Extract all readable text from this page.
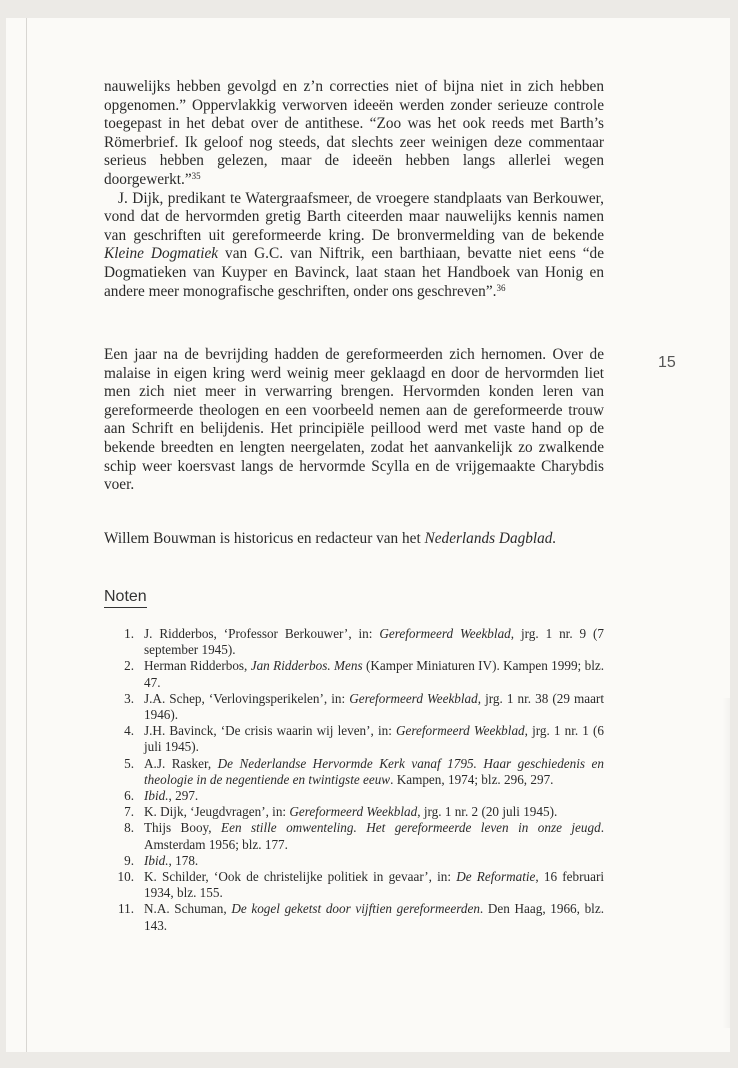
nauwelijks hebben gevolgd en z’n correcties niet of bijna niet in zich hebben opgenomen.” Oppervlakkig verworven ideeën werden zonder serieuze controle toegepast in het debat over de antithese. “Zoo was het ook reeds met Barth’s Römerbrief. Ik geloof nog steeds, dat slechts zeer weinigen deze commentaar serieus hebben gelezen, maar de ideeën hebben langs allerlei wegen doorgewerkt.”$^{35}$

J. Dijk, predikant te Watergraafsmeer, de vroegere standplaats van Berkouwer, vond dat de hervormden gretig Barth citeerden maar nauwelijks kennis namen van geschriften uit gereformeerde kring. De bronvermelding van de bekende Kleine Dogmatiek van G.C. van Niftrik, een barthiaan, bevatte niet eens “de Dogmatieken van Kuyper en Bavinck, laat staan het Handboek van Honig en andere meer monografische geschriften, onder ons geschreven”.$^{36}$

Een jaar na de bevrijding hadden de gereformeerden zich hernomen. Over de malaise in eigen kring werd weinig meer geklaagd en door de hervormden liet men zich niet meer in verwarring brengen. Hervormden konden leren van gereformeerde theologen en een voorbeeld nemen aan de gereformeerde trouw aan Schrift en belijdenis. Het principiële peillood werd met vaste hand op de bekende breedten en lengten neergelaten, zodat het aanvankelijk zo zwalkende schip weer koersvast langs de hervormde Scylla en de vrijgemaakte Charybdis voer.

Willem Bouwman is historicus en redacteur van het Nederlands Dagblad.

15
Noten
1. J. Ridderbos, ‘Professor Berkouwer’, in: Gereformeerd Weekblad, jrg. 1 nr. 9 (7 september 1945).
2. Herman Ridderbos, Jan Ridderbos. Mens (Kamper Miniaturen IV). Kampen 1999; blz. 47.
3. J.A. Schep, ‘Verlovingsperikelen’, in: Gereformeerd Weekblad, jrg. 1 nr. 38 (29 maart 1946).
4. J.H. Bavinck, ‘De crisis waarin wij leven’, in: Gereformeerd Weekblad, jrg. 1 nr. 1 (6 juli 1945).
5. A.J. Rasker, De Nederlandse Hervormde Kerk vanaf 1795. Haar geschiedenis en theologie in de negentiende en twintigste eeuw. Kampen, 1974; blz. 296, 297.
6. Ibid., 297.
7. K. Dijk, ‘Jeugdvragen’, in: Gereformeerd Weekblad, jrg. 1 nr. 2 (20 juli 1945).
8. Thijs Booy, Een stille omwenteling. Het gereformeerde leven in onze jeugd. Amsterdam 1956; blz. 177.
9. Ibid., 178.
10. K. Schilder, ‘Ook de christelijke politiek in gevaar’, in: De Reformatie, 16 februari 1934, blz. 155.
11. N.A. Schuman, De kogel geketst door vijftien gereformeerden. Den Haag, 1966, blz. 143.
